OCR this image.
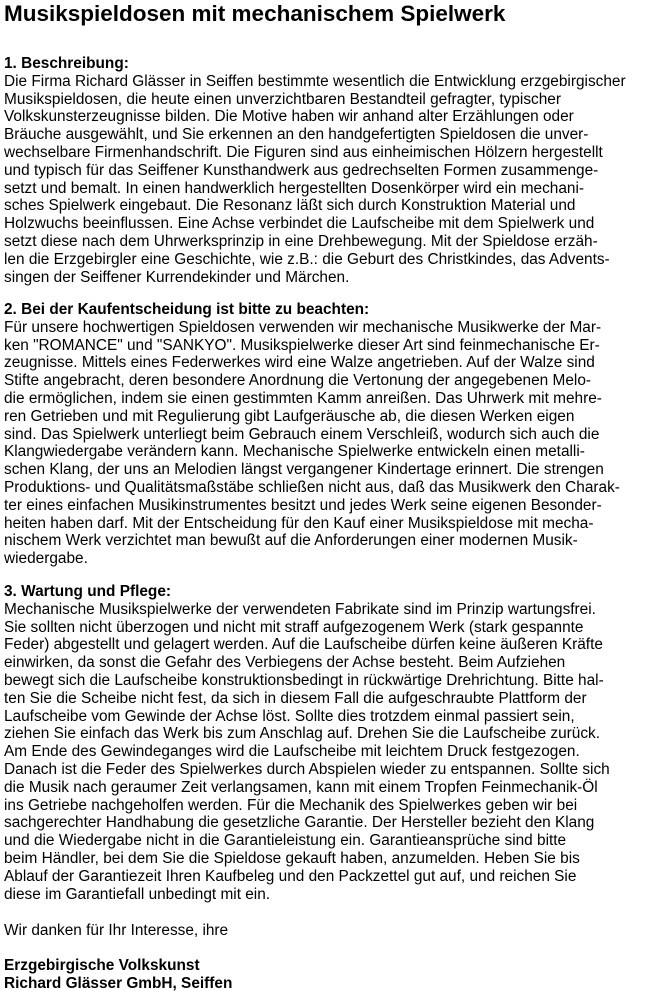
Musikspieldosen mit mechanischem Spielwerk
1. Beschreibung:
Die Firma Richard Glässer in Seiffen bestimmte wesentlich die Entwicklung erzgebirgischer
Musikspieldosen, die heute einen unverzichtbaren Bestandteil gefragter, typischer
Volkskunsterzeugnisse bilden. Die Motive haben wir anhand alter Erzählungen oder
Bräuche ausgewählt, und Sie erkennen an den handgefertigten Spieldosen die unver-
wechselbare Firmenhandschrift. Die Figuren sind aus einheimischen Hölzern hergestellt
und typisch für das Seiffener Kunsthandwerk aus gedrechselten Formen zusammenge-
setzt und bemalt. In einen handwerklich hergestellten Dosenkörper wird ein mechani-
sches Spielwerk eingebaut. Die Resonanz läßt sich durch Konstruktion Material und
Holzwuchs beeinflussen. Eine Achse verbindet die Laufscheibe mit dem Spielwerk und
setzt diese nach dem Uhrwerksprinzip in eine Drehbewegung. Mit der Spieldose erzäh-
len die Erzgebirgler eine Geschichte, wie z.B.: die Geburt des Christkindes, das Advents-
singen der Seiffener Kurrendekinder und Märchen.
2. Bei der Kaufentscheidung ist bitte zu beachten:
Für unsere hochwertigen Spieldosen verwenden wir mechanische Musikwerke der Mar-
ken "ROMANCE" und "SANKYO". Musikspielwerke dieser Art sind feinmechanische Er-
zeugnisse. Mittels eines Federwerkes wird eine Walze angetrieben. Auf der Walze sind
Stifte angebracht, deren besondere Anordnung die Vertonung der angegebenen Melo-
die ermöglichen, indem sie einen gestimmten Kamm anreißen. Das Uhrwerk mit mehre-
ren Getrieben und mit Regulierung gibt Laufgeräusche ab, die diesen Werken eigen
sind. Das Spielwerk unterliegt beim Gebrauch einem Verschleiß, wodurch sich auch die
Klangwiedergabe verändern kann. Mechanische Spielwerke entwickeln einen metalli-
schen Klang, der uns an Melodien längst vergangener Kindertage erinnert. Die strengen
Produktions- und Qualitätsmaßstäbe schließen nicht aus, daß das Musikwerk den Charak-
ter eines einfachen Musikinstrumentes besitzt und jedes Werk seine eigenen Besonder-
heiten haben darf. Mit der Entscheidung für den Kauf einer Musikspieldose mit mecha-
nischem Werk verzichtet man bewußt auf die Anforderungen einer modernen Musik-
wiedergabe.
3. Wartung und Pflege:
Mechanische Musikspielwerke der verwendeten Fabrikate sind im Prinzip wartungsfrei.
Sie sollten nicht überzogen und nicht mit straff aufgezogenem Werk (stark gespannte
Feder) abgestellt und gelagert werden. Auf die Laufscheibe dürfen keine äußeren Kräfte
einwirken, da sonst die Gefahr des Verbiegens der Achse besteht. Beim Aufziehen
bewegt sich die Laufscheibe konstruktionsbedingt in rückwärtige Drehrichtung. Bitte hal-
ten Sie die Scheibe nicht fest, da sich in diesem Fall die aufgeschraubte Plattform der
Laufscheibe vom Gewinde der Achse löst. Sollte dies trotzdem einmal passiert sein,
ziehen Sie einfach das Werk bis zum Anschlag auf. Drehen Sie die Laufscheibe zurück.
Am Ende des Gewindeganges wird die Laufscheibe mit leichtem Druck festgezogen.
Danach ist die Feder des Spielwerkes durch Abspielen wieder zu entspannen. Sollte sich
die Musik nach geraumer Zeit verlangsamen, kann mit einem Tropfen Feinmechanik-Öl
ins Getriebe nachgeholfen werden. Für die Mechanik des Spielwerkes geben wir bei
sachgerechter Handhabung die gesetzliche Garantie. Der Hersteller bezieht den Klang
und die Wiedergabe nicht in die Garantieleistung ein. Garantieansprüche sind bitte
beim Händler, bei dem Sie die Spieldose gekauft haben, anzumelden. Heben Sie bis
Ablauf der Garantiezeit Ihren Kaufbeleg und den Packzettel gut auf, und reichen Sie
diese im Garantiefall unbedingt mit ein.
Wir danken für Ihr Interesse, ihre
Erzgebirgische Volkskunst
Richard Glässer GmbH, Seiffen
